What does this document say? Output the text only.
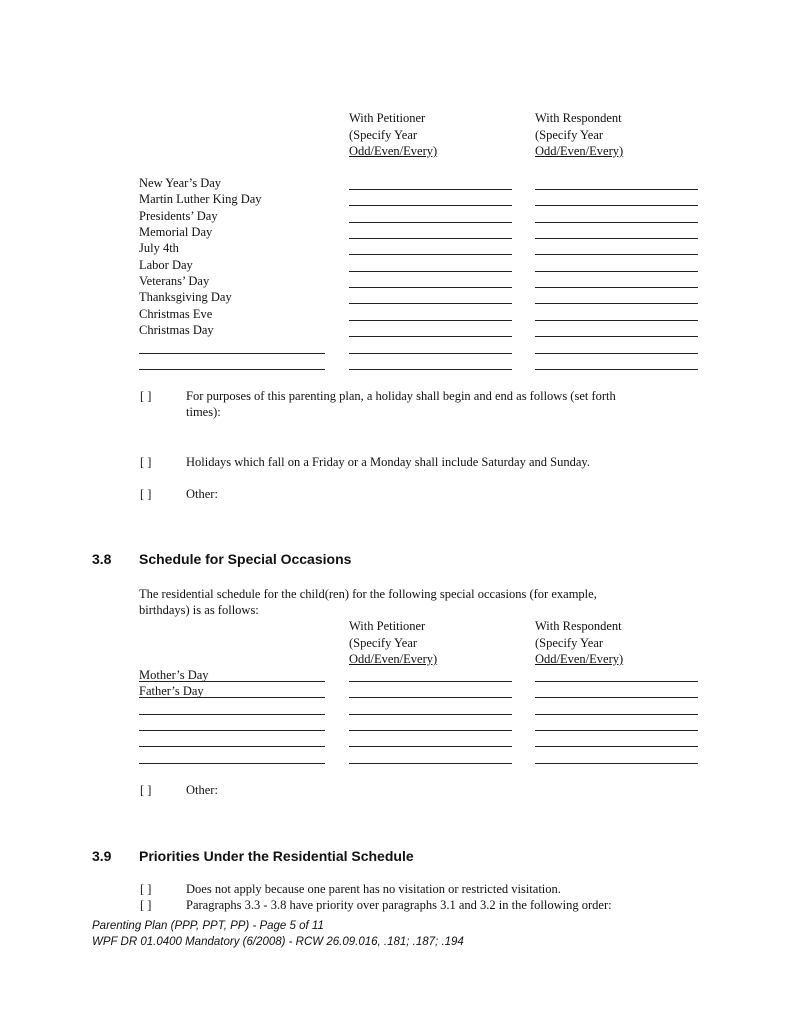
With Petitioner
(Specify Year
Odd/Even/Every)
With Respondent
(Specify Year
Odd/Even/Every)
New Year’s Day
Martin Luther King Day
Presidents’ Day
Memorial Day
July 4th
Labor Day
Veterans’ Day
Thanksgiving Day
Christmas Eve
Christmas Day
[ ]	For purposes of this parenting plan, a holiday shall begin and end as follows (set forth
times):
[ ]	Holidays which fall on a Friday or a Monday shall include Saturday and Sunday.
[ ]	Other:
3.8 Schedule for Special Occasions
The residential schedule for the child(ren) for the following special occasions (for example,
birthdays) is as follows:
With Petitioner
(Specify Year
Odd/Even/Every)
With Respondent
(Specify Year
Odd/Even/Every)
Mother’s Day
Father’s Day
[ ]	Other:
3.9 Priorities Under the Residential Schedule
[ ]	Does not apply because one parent has no visitation or restricted visitation.
[ ]	Paragraphs 3.3 - 3.8 have priority over paragraphs 3.1 and 3.2 in the following order:
Parenting Plan (PPP, PPT, PP) - Page 5 of 11
WPF DR 01.0400 Mandatory (6/2008) - RCW 26.09.016, .181; .187; .194
